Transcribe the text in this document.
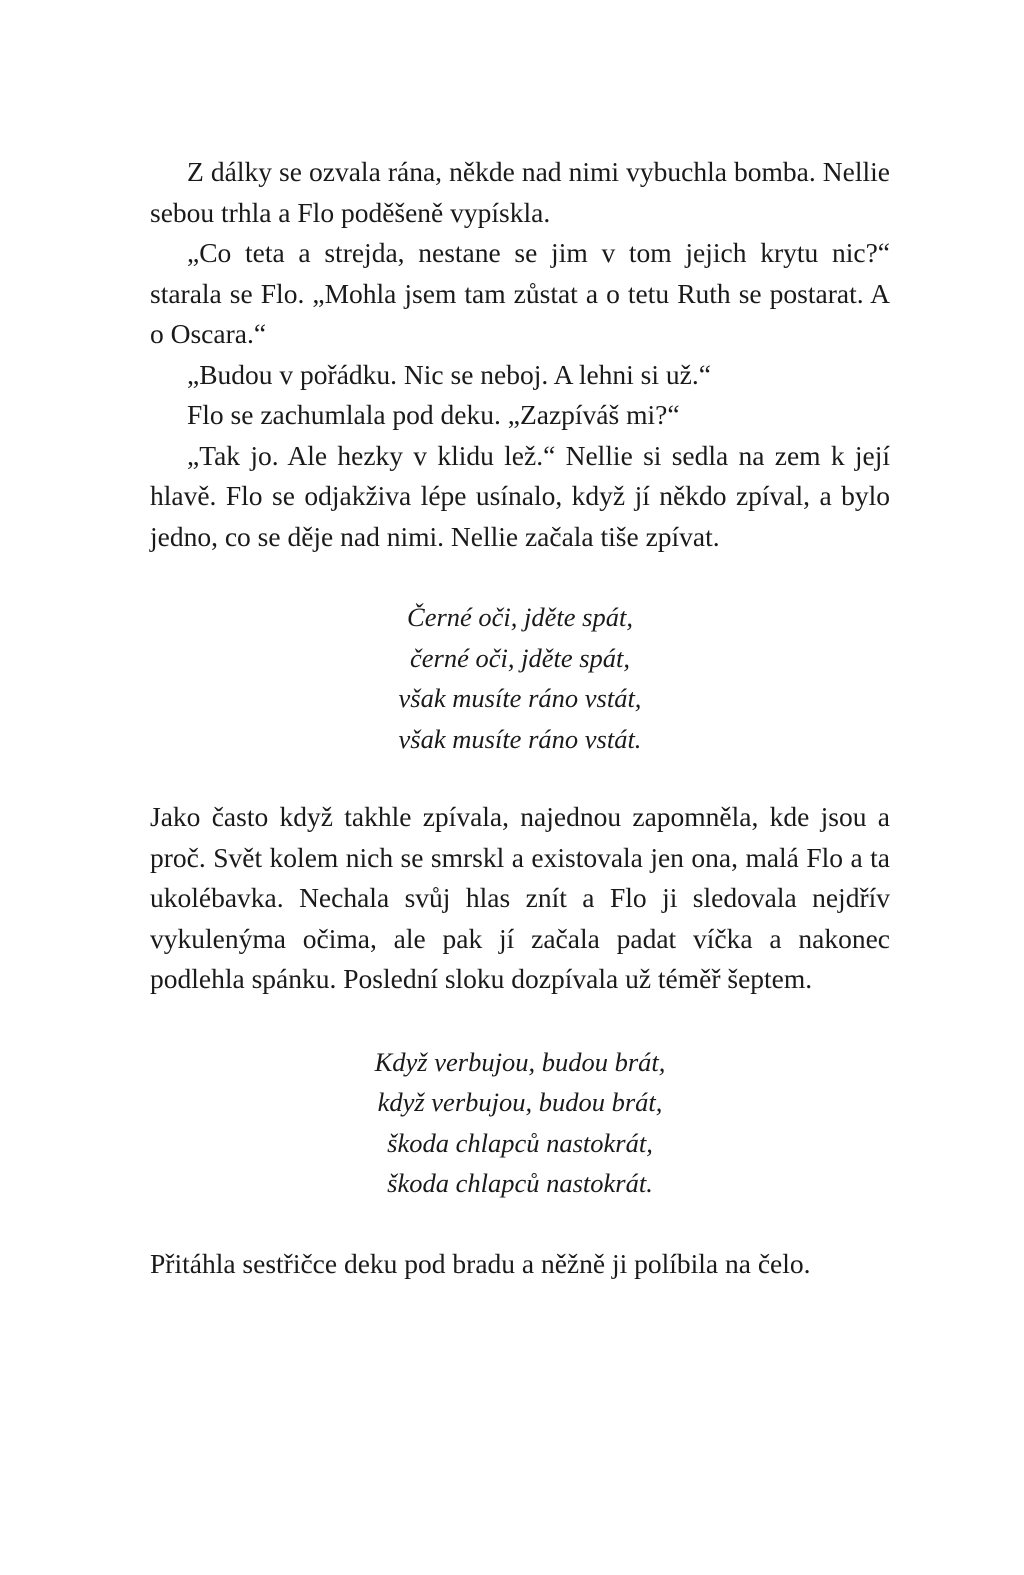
Z dálky se ozvala rána, někde nad nimi vybuchla bomba. Nellie sebou trhla a Flo poděšeně vypískla.

„Co teta a strejda, nestane se jim v tom jejich krytu nic?“ starala se Flo. „Mohla jsem tam zůstat a o tetu Ruth se postarat. A o Oscara.“

„Budou v pořádku. Nic se neboj. A lehni si už.“

Flo se zachumlala pod deku. „Zazpíváš mi?“

„Tak jo. Ale hezky v klidu lež.“ Nellie si sedla na zem k její hlavě. Flo se odjakživa lépe usínalo, když jí někdo zpíval, a bylo jedno, co se děje nad nimi. Nellie začala tiše zpívat.

Černé oči, jděte spát,
černé oči, jděte spát,
však musíte ráno vstát,
však musíte ráno vstát.

Jako často když takhle zpívala, najednou zapomněla, kde jsou a proč. Svět kolem nich se smrskl a existovala jen ona, malá Flo a ta ukolébavka. Nechala svůj hlas znít a Flo ji sledovala nejdřív vykulenýma očima, ale pak jí začala padat víčka a nakonec podlehla spánku. Poslední sloku dozpívala už téměř šeptem.

Když verbujou, budou brát,
když verbujou, budou brát,
škoda chlapců nastokrát,
škoda chlapců nastokrát.

Přitáhla sestřičce deku pod bradu a něžně ji políbila na čelo.
